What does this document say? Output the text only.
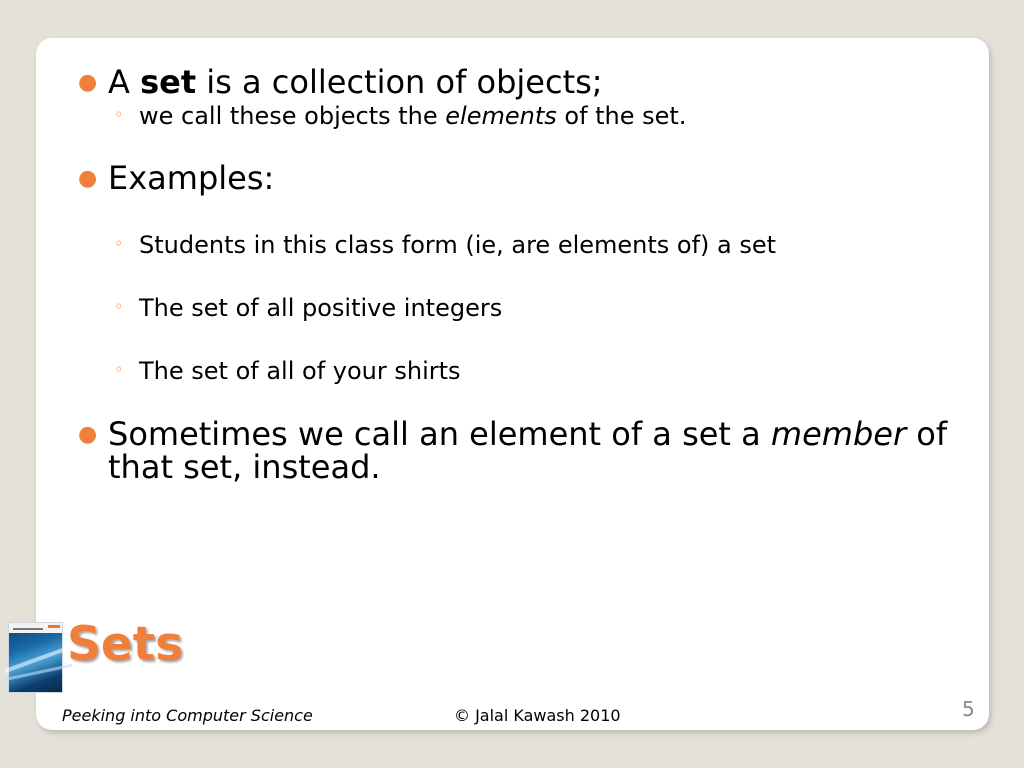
● A set is a collection of objects;
◦ we call these objects the elements of the set.
● Examples:
◦ Students in this class form (ie, are elements of) a set
◦ The set of all positive integers
◦ The set of all of your shirts
● Sometimes we call an element of a set a member of that set, instead.
Sets
Peeking into Computer Science	© Jalal Kawash 2010	5
